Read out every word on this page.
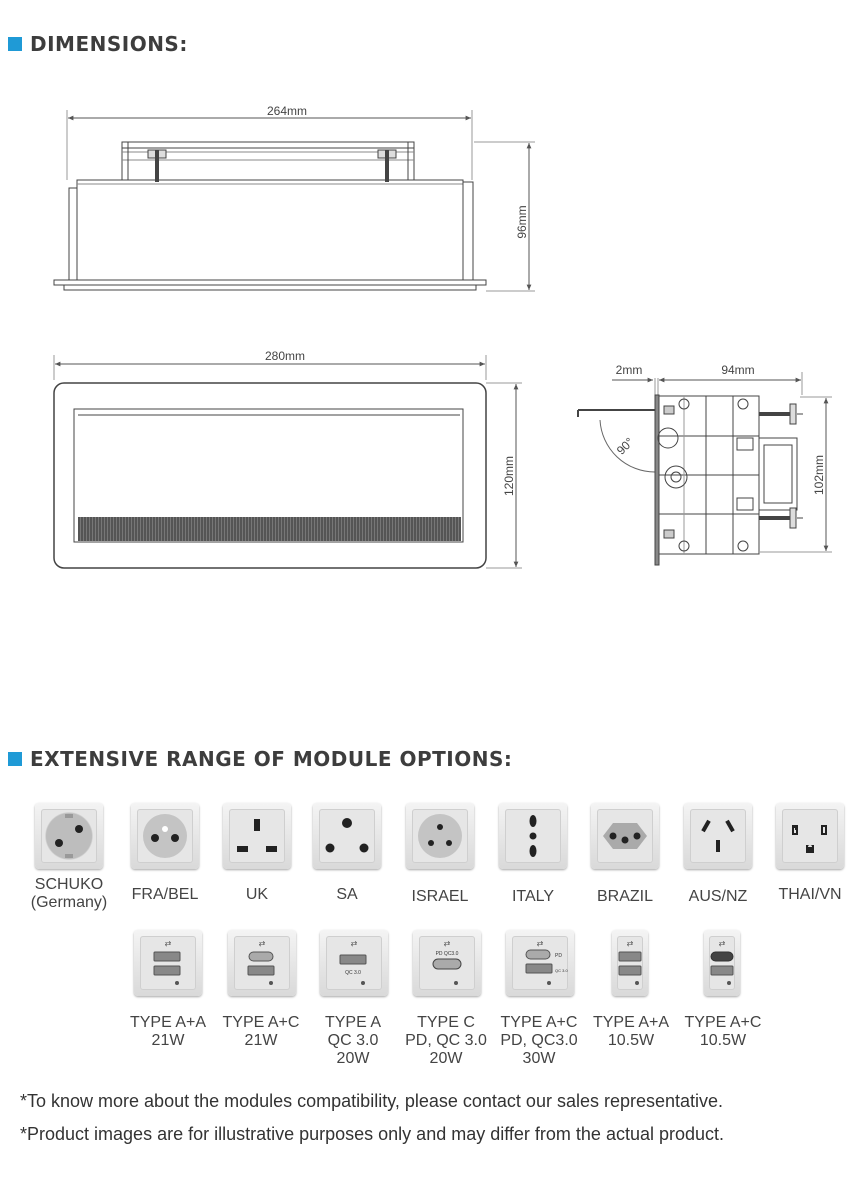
DIMENSIONS:
264mm
96mm
280mm
120mm
2mm	94mm
102mm
90°
EXTENSIVE RANGE OF MODULE OPTIONS:
SCHUKO
(Germany)	FRA/BEL	UK	SA	ISRAEL	ITALY	BRAZIL	AUS/NZ	THAI/VN
⇄	⇄	⇄
QC 3.0
⇄
PD QC3.0
⇄
PD
QC 3.0
⇄	⇄
TYPE A+A
21W
TYPE A+C
21W
TYPE A
QC 3.0
20W
TYPE C
PD, QC 3.0
20W
TYPE A+C
PD, QC3.0
30W
TYPE A+A
10.5W
TYPE A+C
10.5W
*To know more about the modules compatibility, please contact our sales representative.
*Product images are for illustrative purposes only and may differ from the actual product.
